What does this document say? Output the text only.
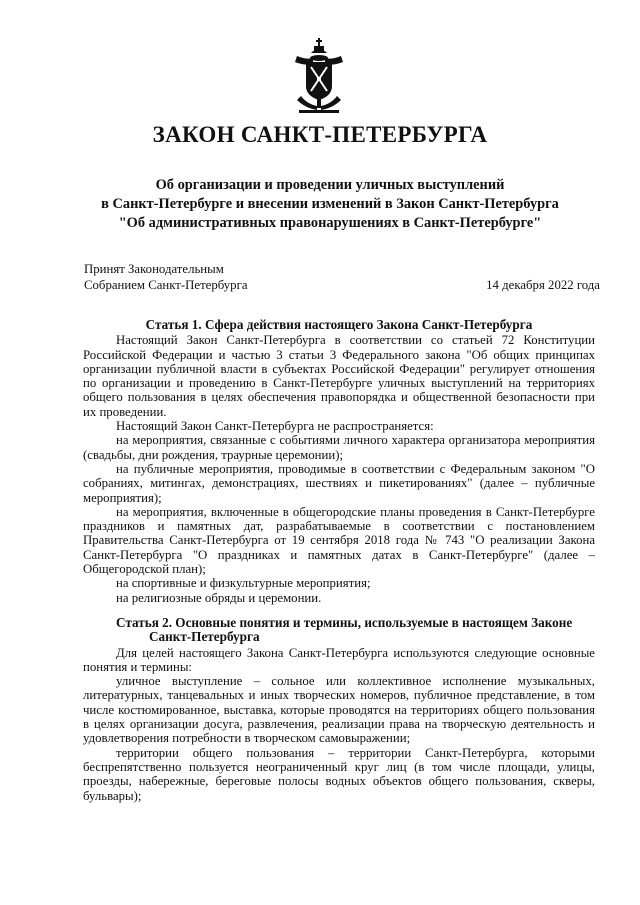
ЗАКОН САНКТ-ПЕТЕРБУРГА
Об организации и проведении уличных выступлений
в Санкт-Петербурге и внесении изменений в Закон Санкт-Петербурга
"Об административных правонарушениях в Санкт-Петербурге"
Принят Законодательным
Собранием Санкт-Петербурга	14 декабря 2022 года
Статья 1. Сфера действия настоящего Закона Санкт-Петербурга

Настоящий Закон Санкт-Петербурга в соответствии со статьей 72 Конституции Российской Федерации и частью 3 статьи 3 Федерального закона "Об общих принципах организации публичной власти в субъектах Российской Федерации" регулирует отношения по организации и проведению в Санкт-Петербурге уличных выступлений на территориях общего пользования в целях обеспечения правопорядка и общественной безопасности при их проведении.

Настоящий Закон Санкт-Петербурга не распространяется:

на мероприятия, связанные с событиями личного характера организатора мероприятия (свадьбы, дни рождения, траурные церемонии);

на публичные мероприятия, проводимые в соответствии с Федеральным законом "О собраниях, митингах, демонстрациях, шествиях и пикетированиях" (далее – публичные мероприятия);

на мероприятия, включенные в общегородские планы проведения в Санкт-Петербурге праздников и памятных дат, разрабатываемые в соответствии с постановлением Правительства Санкт-Петербурга от 19 сентября 2018 года № 743 "О реализации Закона Санкт-Петербурга "О праздниках и памятных датах в Санкт-Петербурге" (далее – Общегородской план);

на спортивные и физкультурные мероприятия;

на религиозные обряды и церемонии.

Статья 2. Основные понятия и термины, используемые в настоящем Законе
Санкт-Петербурга

Для целей настоящего Закона Санкт-Петербурга используются следующие основные понятия и термины:

уличное выступление – сольное или коллективное исполнение музыкальных, литературных, танцевальных и иных творческих номеров, публичное представление, в том числе костюмированное, выставка, которые проводятся на территориях общего пользования в целях организации досуга, развлечения, реализации права на творческую деятельность и удовлетворения потребности в творческом самовыражении;

территории общего пользования – территории Санкт-Петербурга, которыми беспрепятственно пользуется неограниченный круг лиц (в том числе площади, улицы, проезды, набережные, береговые полосы водных объектов общего пользования, скверы, бульвары);
